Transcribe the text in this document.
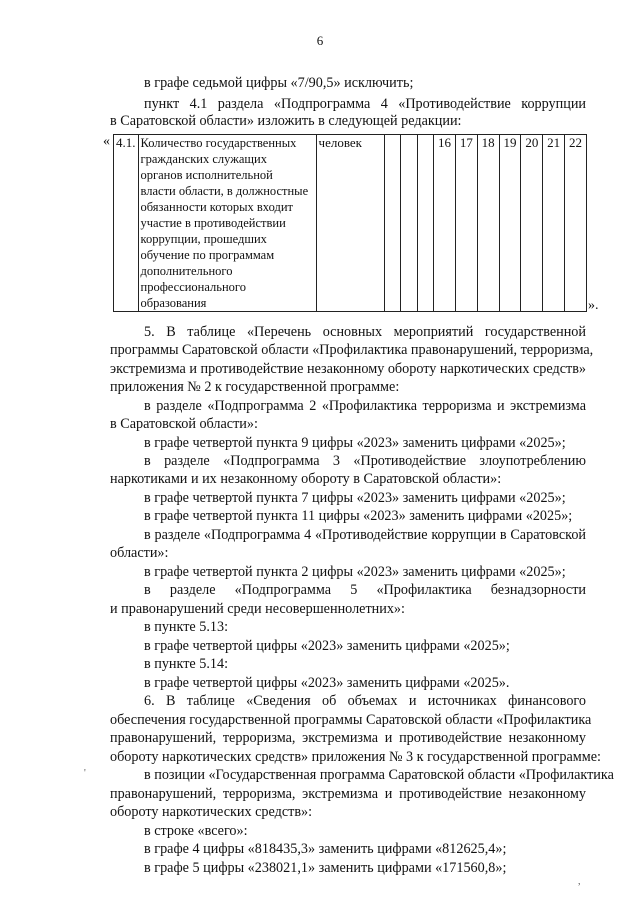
6

в графе седьмой цифры «7/90,5» исключить;

пункт 4.1 раздела «Подпрограмма 4 «Противодействие коррупции

в Саратовской области» изложить в следующей редакции:

« 4.1.	Количество государственных
гражданских служащих
органов исполнительной
власти области, в должностные
обязанности которых входит
участие в противодействии
коррупции, прошедших
обучение по программам
дополнительного
профессионального
образования	человек				16	17	18	19	20	21	22
».

5. В таблице «Перечень основных мероприятий государственной

программы Саратовской области «Профилактика правонарушений, терроризма,

экстремизма и противодействие незаконному обороту наркотических средств»

приложения № 2 к государственной программе:

в разделе «Подпрограмма 2 «Профилактика терроризма и экстремизма

в Саратовской области»:

в графе четвертой пункта 9 цифры «2023» заменить цифрами «2025»;

в разделе «Подпрограмма 3 «Противодействие злоупотреблению

наркотиками и их незаконному обороту в Саратовской области»:

в графе четвертой пункта 7 цифры «2023» заменить цифрами «2025»;

в графе четвертой пункта 11 цифры «2023» заменить цифрами «2025»;

в разделе «Подпрограмма 4 «Противодействие коррупции в Саратовской

области»:

в графе четвертой пункта 2 цифры «2023» заменить цифрами «2025»;

в разделе «Подпрограмма 5 «Профилактика безнадзорности

и правонарушений среди несовершеннолетних»:

в пункте 5.13:

в графе четвертой цифры «2023» заменить цифрами «2025»;

в пункте 5.14:

в графе четвертой цифры «2023» заменить цифрами «2025».

6. В таблице «Сведения об объемах и источниках финансового

обеспечения государственной программы Саратовской области «Профилактика

правонарушений, терроризма, экстремизма и противодействие незаконному

обороту наркотических средств» приложения № 3 к государственной программе:

в позиции «Государственная программа Саратовской области «Профилактика

правонарушений, терроризма, экстремизма и противодействие незаконному

обороту наркотических средств»:

в строке «всего»:

в графе 4 цифры «818435,3» заменить цифрами «812625,4»;

в графе 5 цифры «238021,1» заменить цифрами «171560,8»;

'
,
